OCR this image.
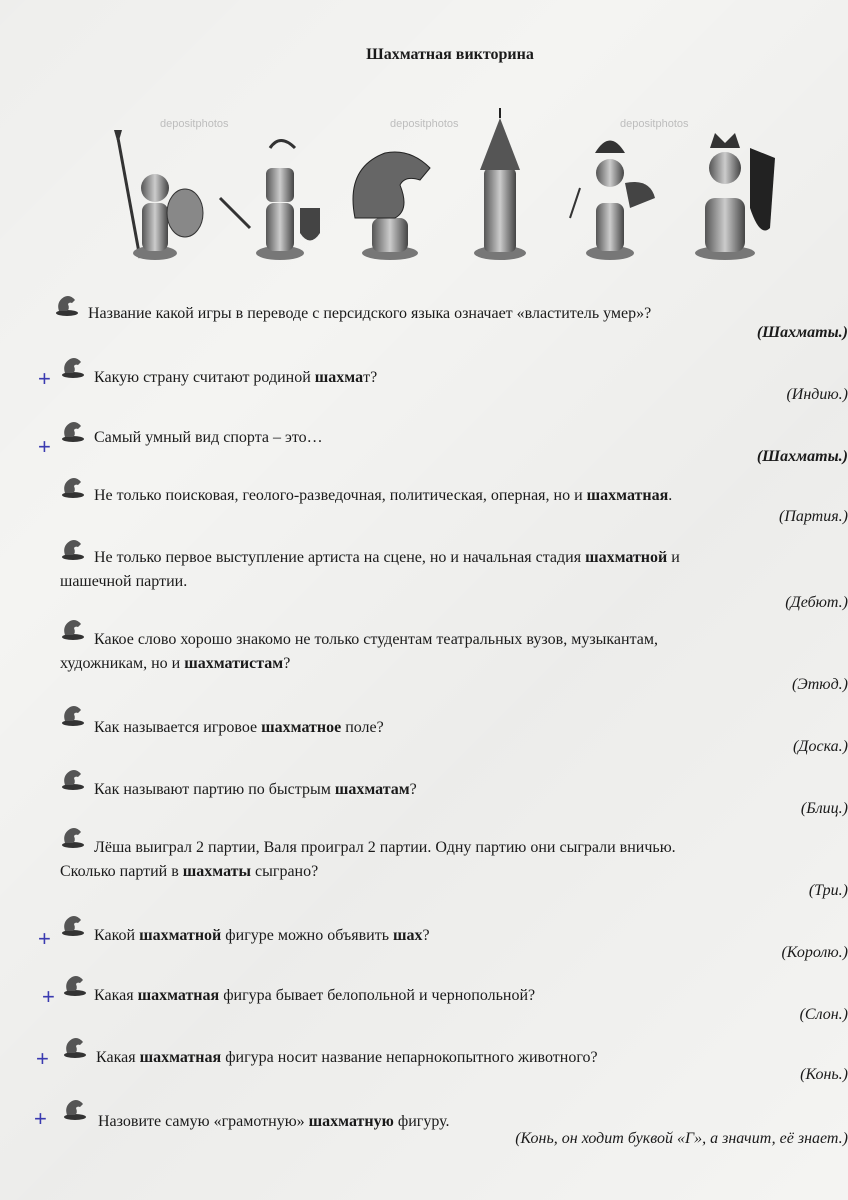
Шахматная викторина
depositphotos	depositphotos	depositphotos
Название какой игры в переводе с персидского языка означает «властитель умер»?
(Шахматы.)
+	Какую страну считают родиной шахмат?
(Индию.)
+	Самый умный вид спорта – это…
(Шахматы.)
Не только поисковая, геолого-разведочная, политическая, оперная, но и шахматная.
(Партия.)
Не только первое выступление артиста на сцене, но и начальная стадия шахматной и
шашечной партии.
(Дебют.)
Какое слово хорошо знакомо не только студентам театральных вузов, музыкантам,
художникам, но и шахматистам?
(Этюд.)
Как называется игровое шахматное поле?
(Доска.)
Как называют партию по быстрым шахматам?
(Блиц.)
Лёша выиграл 2 партии, Валя проиграл 2 партии. Одну партию они сыграли вничью.
Сколько партий в шахматы сыграно?
(Три.)
+	Какой шахматной фигуре можно объявить шах?
(Королю.)
+ Какая шахматная фигура бывает белопольной и чернопольной?
(Слон.)
+	Какая шахматная фигура носит название непарнокопытного животного?
(Конь.)
+	Назовите самую «грамотную» шахматную фигуру.
(Конь, он ходит буквой «Г», а значит, её знает.)
